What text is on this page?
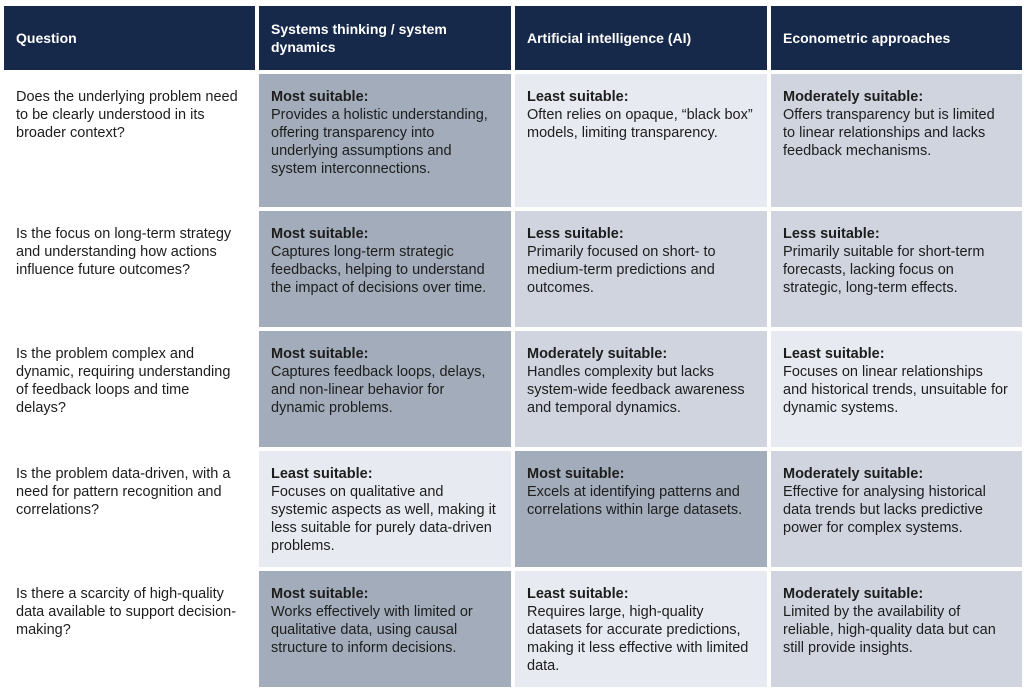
Question
Systems thinking / system dynamics
Artificial intelligence (AI)	Econometric approaches
Does the underlying problem need to be clearly understood in its broader context?
Most suitable:
Provides a holistic understanding, offering transparency into underlying assumptions and system interconnections.
Least suitable:
Often relies on opaque, “black box” models, limiting transparency.
Moderately suitable:
Offers transparency but is limited to linear relationships and lacks feedback mechanisms.
Is the focus on long-term strategy and understanding how actions influence future outcomes?
Most suitable:
Captures long-term strategic feedbacks, helping to understand the impact of decisions over time.
Less suitable:
Primarily focused on short- to medium-term predictions and outcomes.
Less suitable:
Primarily suitable for short-term forecasts, lacking focus on strategic, long-term effects.
Is the problem complex and dynamic, requiring understanding of feedback loops and time delays?
Most suitable:
Captures feedback loops, delays, and non-linear behavior for dynamic problems.
Moderately suitable:
Handles complexity but lacks system-wide feedback awareness and temporal dynamics.
Least suitable:
Focuses on linear relationships and historical trends, unsuitable for dynamic systems.
Is the problem data-driven, with a need for pattern recognition and correlations?
Least suitable:
Focuses on qualitative and systemic aspects as well, making it less suitable for purely data-driven problems.
Most suitable:
Excels at identifying patterns and correlations within large datasets.
Moderately suitable:
Effective for analysing historical data trends but lacks predictive power for complex systems.
Is there a scarcity of high-quality data available to support decision-making?
Most suitable:
Works effectively with limited or qualitative data, using causal structure to inform decisions.
Least suitable:
Requires large, high-quality datasets for accurate predictions, making it less effective with limited data.
Moderately suitable:
Limited by the availability of reliable, high-quality data but can still provide insights.
